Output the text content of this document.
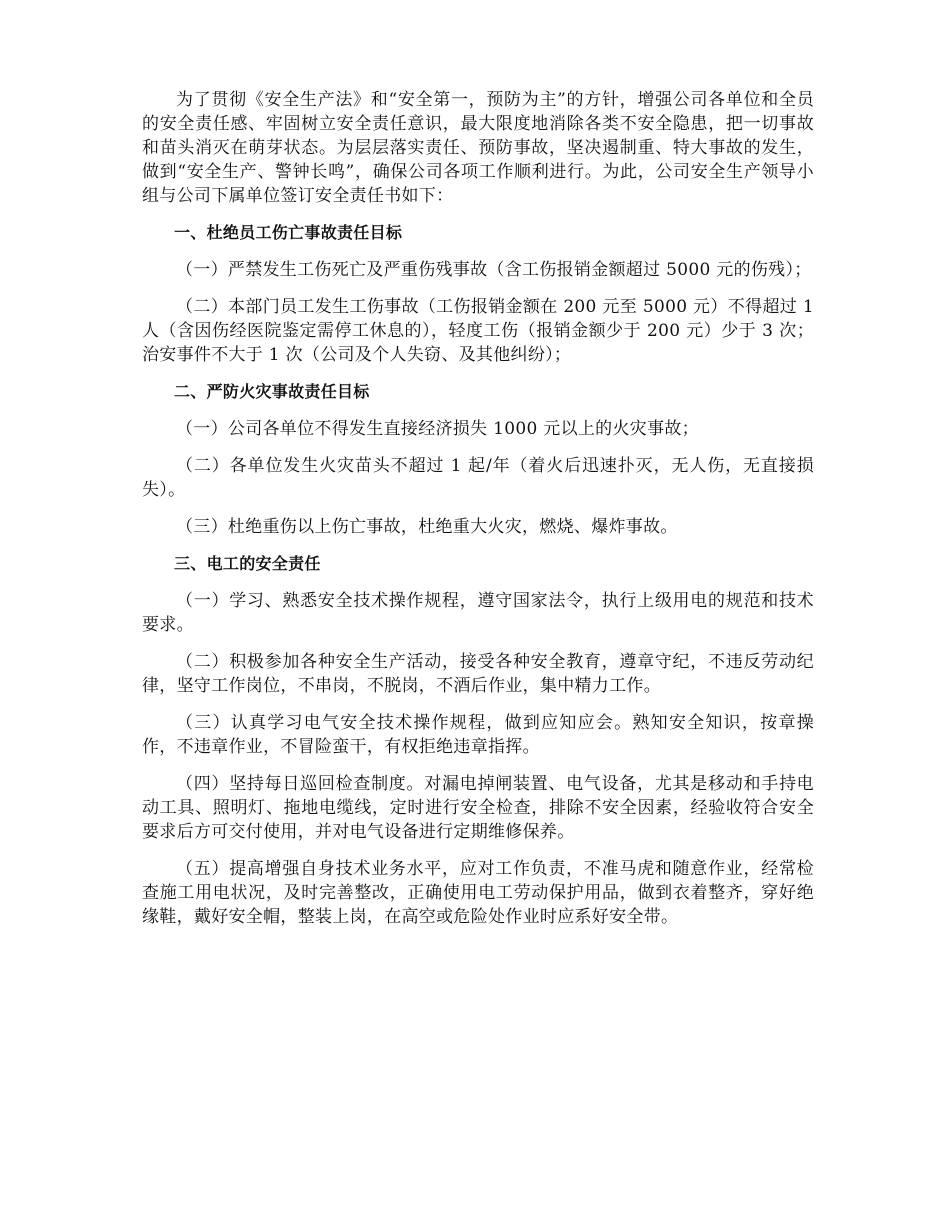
为了贯彻《安全生产法》和“安全第一，预防为主”的方针，增强公司各单位和全员的安全责任感、牢固树立安全责任意识，最大限度地消除各类不安全隐患，把一切事故和苗头消灭在萌芽状态。为层层落实责任、预防事故，坚决遏制重、特大事故的发生，做到“安全生产、警钟长鸣”，确保公司各项工作顺利进行。为此，公司安全生产领导小组与公司下属单位签订安全责任书如下：

一、杜绝员工伤亡事故责任目标

（一）严禁发生工伤死亡及严重伤残事故（含工伤报销金额超过 5000 元的伤残）；

（二）本部门员工发生工伤事故（工伤报销金额在 200 元至 5000 元）不得超过 1 人（含因伤经医院鉴定需停工休息的），轻度工伤（报销金额少于 200 元）少于 3 次；治安事件不大于 1 次（公司及个人失窃、及其他纠纷）；

二、严防火灾事故责任目标

（一）公司各单位不得发生直接经济损失 1000 元以上的火灾事故；

（二）各单位发生火灾苗头不超过 1 起/年（着火后迅速扑灭，无人伤，无直接损失）。

（三）杜绝重伤以上伤亡事故，杜绝重大火灾，燃烧、爆炸事故。

三、电工的安全责任

（一）学习、熟悉安全技术操作规程，遵守国家法令，执行上级用电的规范和技术要求。

（二）积极参加各种安全生产活动，接受各种安全教育，遵章守纪，不违反劳动纪律，坚守工作岗位，不串岗，不脱岗，不酒后作业，集中精力工作。

（三）认真学习电气安全技术操作规程，做到应知应会。熟知安全知识，按章操作，不违章作业，不冒险蛮干，有权拒绝违章指挥。

（四）坚持每日巡回检查制度。对漏电掉闸装置、电气设备，尤其是移动和手持电动工具、照明灯、拖地电缆线，定时进行安全检查，排除不安全因素，经验收符合安全要求后方可交付使用，并对电气设备进行定期维修保养。

（五）提高增强自身技术业务水平，应对工作负责，不准马虎和随意作业，经常检查施工用电状况，及时完善整改，正确使用电工劳动保护用品，做到衣着整齐，穿好绝缘鞋，戴好安全帽，整装上岗，在高空或危险处作业时应系好安全带。
